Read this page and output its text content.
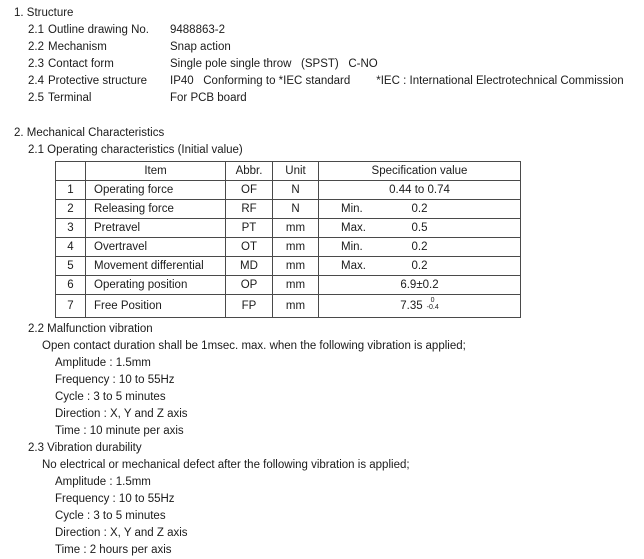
1. Structure
2.1 Outline drawing No.	9488863-2
2.2 Mechanism	Snap action
2.3 Contact form	Single pole single throw   (SPST)   C-NO
2.4 Protective structure	IP40   Conforming to *IEC standard *IEC : International Electrotechnical Commission
2.5 Terminal	For PCB board
2. Mechanical Characteristics
2.1 Operating characteristics (Initial value)
	Item	Abbr.	Unit	Specification value
1	Operating force	OF	N	0.44 to 0.74
2	Releasing force	RF	N	Min. 0.2
3	Pretravel	PT	mm	Max. 0.5
4	Overtravel	OT	mm	Min. 0.2
5	Movement differential	MD	mm	Max. 0.2
6	Operating position	OP	mm	6.9±0.2
7	Free Position	FP	mm	7.35 0
-0.4
2.2 Malfunction vibration
Open contact duration shall be 1msec. max. when the following vibration is applied;
Amplitude : 1.5mm
Frequency : 10 to 55Hz
Cycle : 3 to 5 minutes
Direction : X, Y and Z axis
Time : 10 minute per axis
2.3 Vibration durability
No electrical or mechanical defect after the following vibration is applied;
Amplitude : 1.5mm
Frequency : 10 to 55Hz
Cycle : 3 to 5 minutes
Direction : X, Y and Z axis
Time : 2 hours per axis
